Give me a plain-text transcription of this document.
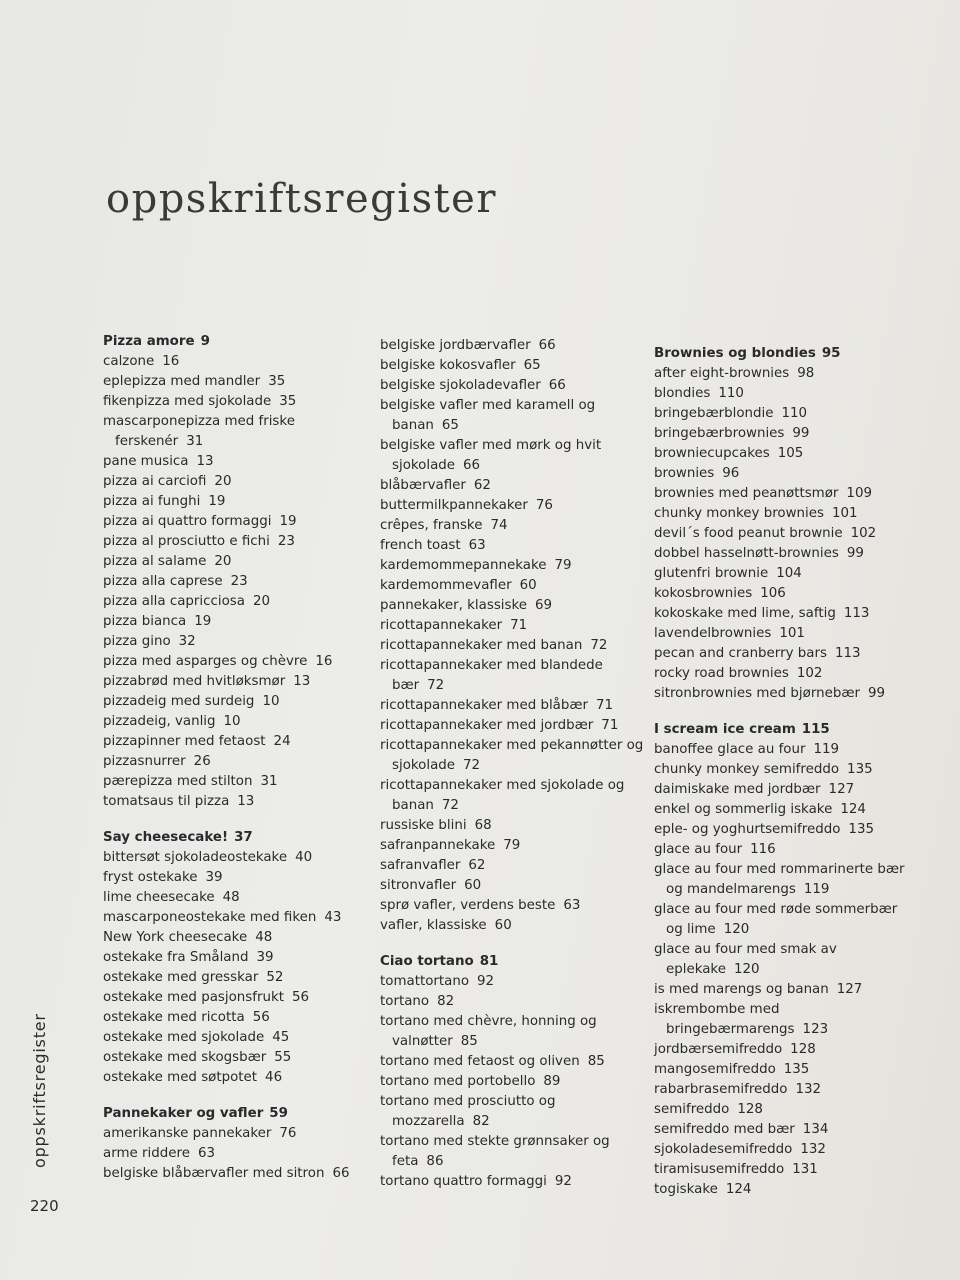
oppskriftsregister
Pizza amore 9
calzone 16
eplepizza med mandler 35
fikenpizza med sjokolade 35
mascarponepizza med friske ferskenér 31
pane musica 13
pizza ai carciofi 20
pizza ai funghi 19
pizza ai quattro formaggi 19
pizza al prosciutto e fichi 23
pizza al salame 20
pizza alla caprese 23
pizza alla capricciosa 20
pizza bianca 19
pizza gino 32
pizza med asparges og chèvre 16
pizzabrød med hvitløksmør 13
pizzadeig med surdeig 10
pizzadeig, vanlig 10
pizzapinner med fetaost 24
pizzasnurrer 26
pærepizza med stilton 31
tomatsaus til pizza 13
Say cheesecake! 37
bittersøt sjokoladeostekake 40
fryst ostekake 39
lime cheesecake 48
mascarponeostekake med fiken 43
New York cheesecake 48
ostekake fra Småland 39
ostekake med gresskar 52
ostekake med pasjonsfrukt 56
ostekake med ricotta 56
ostekake med sjokolade 45
ostekake med skogsbær 55
ostekake med søtpotet 46
Pannekaker og vafler 59
amerikanske pannekaker 76
arme riddere 63
belgiske blåbærvafler med sitron 66
belgiske jordbærvafler 66
belgiske kokosvafler 65
belgiske sjokoladevafler 66
belgiske vafler med karamell og banan 65
belgiske vafler med mørk og hvit sjokolade 66
blåbærvafler 62
buttermilkpannekaker 76
crêpes, franske 74
french toast 63
kardemommepannekake 79
kardemommevafler 60
pannekaker, klassiske 69
ricottapannekaker 71
ricottapannekaker med banan 72
ricottapannekaker med blandede bær 72
ricottapannekaker med blåbær 71
ricottapannekaker med jordbær 71
ricottapannekaker med pekannøtter og sjokolade 72
ricottapannekaker med sjokolade og banan 72
russiske blini 68
safranpannekake 79
safranvafler 62
sitronvafler 60
sprø vafler, verdens beste 63
vafler, klassiske 60
Ciao tortano 81
tomattortano 92
tortano 82
tortano med chèvre, honning og valnøtter 85
tortano med fetaost og oliven 85
tortano med portobello 89
tortano med prosciutto og mozzarella 82
tortano med stekte grønnsaker og feta 86
tortano quattro formaggi 92
Brownies og blondies 95
after eight-brownies 98
blondies 110
bringebærblondie 110
bringebærbrownies 99
browniecupcakes 105
brownies 96
brownies med peanøttsmør 109
chunky monkey brownies 101
devil´s food peanut brownie 102
dobbel hasselnøtt-brownies 99
glutenfri brownie 104
kokosbrownies 106
kokoskake med lime, saftig 113
lavendelbrownies 101
pecan and cranberry bars 113
rocky road brownies 102
sitronbrownies med bjørnebær 99
I scream ice cream 115
banoffee glace au four 119
chunky monkey semifreddo 135
daimiskake med jordbær 127
enkel og sommerlig iskake 124
eple- og yoghurtsemifreddo 135
glace au four 116
glace au four med rommarinerte bær og mandelmarengs 119
glace au four med røde sommerbær og lime 120
glace au four med smak av eplekake 120
is med marengs og banan 127
iskrembombe med bringebærmarengs 123
jordbærsemifreddo 128
mangosemifreddo 135
rabarbrasemifreddo 132
semifreddo 128
semifreddo med bær 134
sjokoladesemifreddo 132
tiramisusemifreddo 131
togiskake 124
oppskriftsregister
220
